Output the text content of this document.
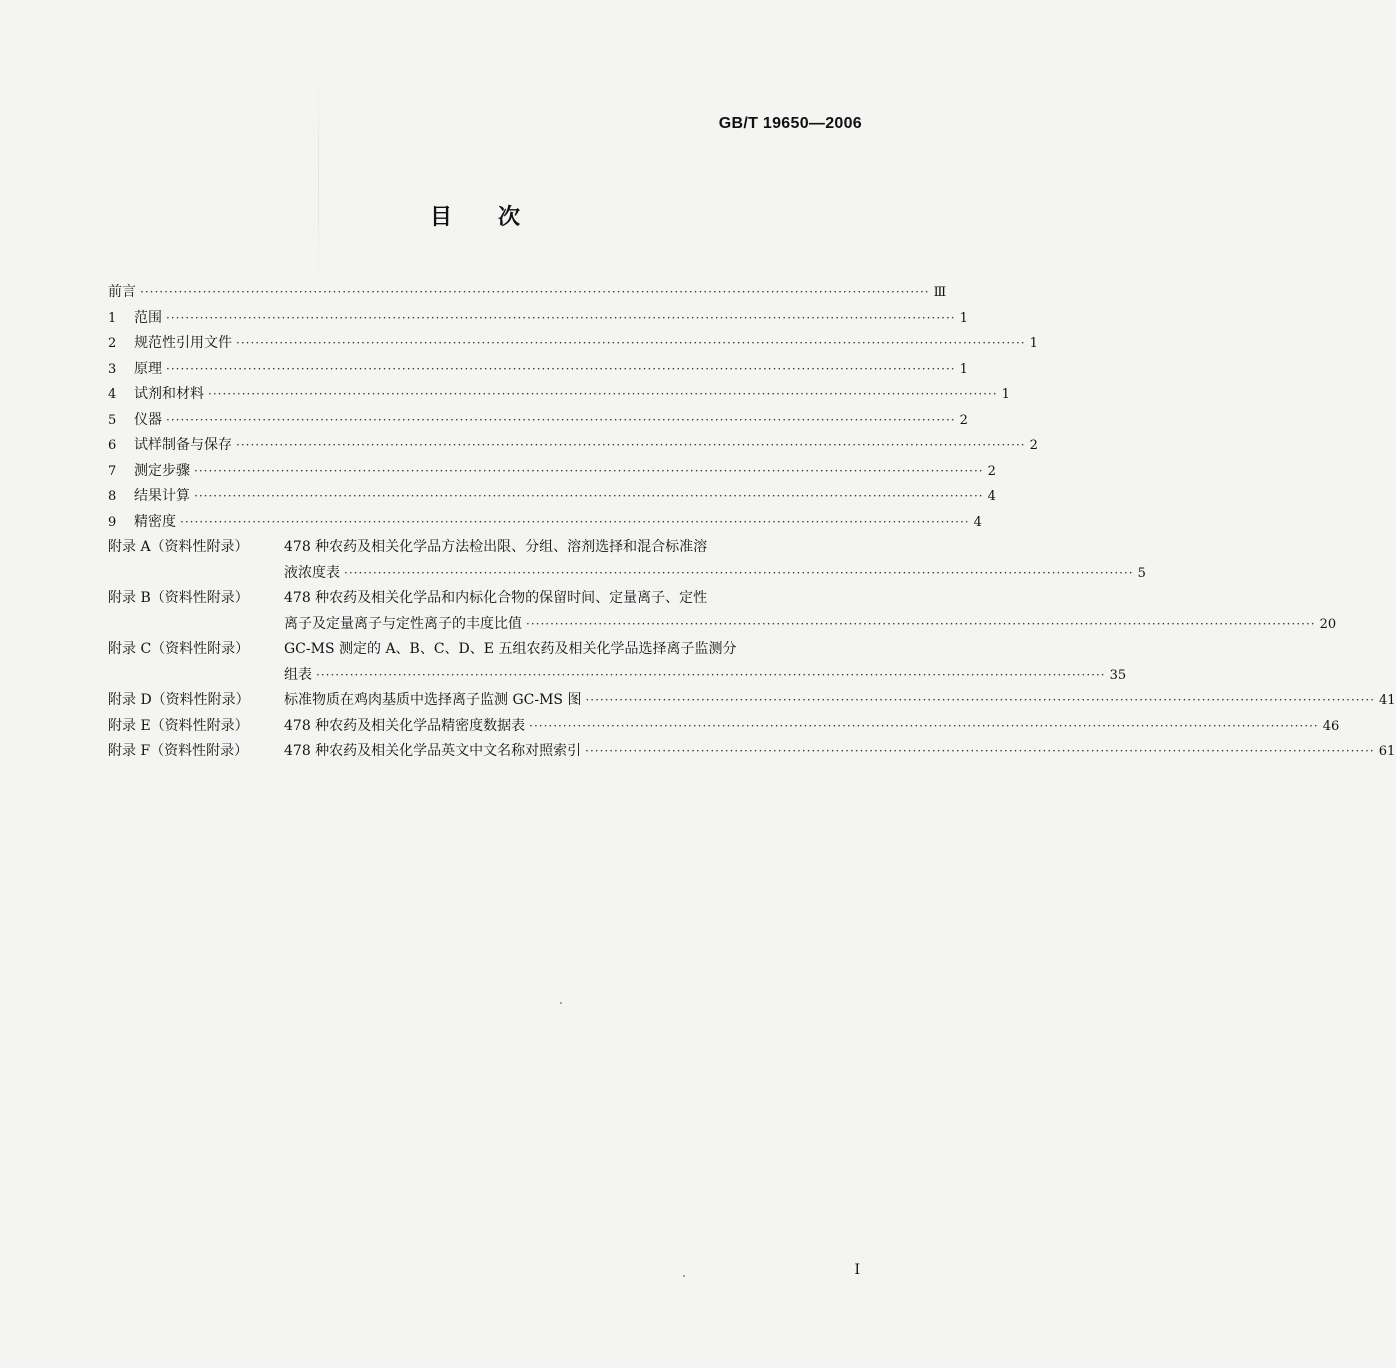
GB/T 19650—2006
目次
前言 ·····	Ⅲ
1	范围 ·····	1
2	规范性引用文件 ·····	1
3	原理 ·····	1
4	试剂和材料 ·····	1
5	仪器 ·····	2
6	试样制备与保存 ·····	2
7	测定步骤 ·····	2
8	结果计算 ·····	4
9	精密度 ·····	4
附录 A（资料性附录）	478 种农药及相关化学品方法检出限、分组、溶剂选择和混合标准溶
液浓度表 ·····	5
附录 B（资料性附录）	478 种农药及相关化学品和内标化合物的保留时间、定量离子、定性
离子及定量离子与定性离子的丰度比值 ·····	20
附录 C（资料性附录）	GC-MS 测定的 A、B、C、D、E 五组农药及相关化学品选择离子监测分
组表 ·····	35
附录 D（资料性附录）	标准物质在鸡肉基质中选择离子监测 GC-MS 图 ·····	41
附录 E（资料性附录）	478 种农药及相关化学品精密度数据表 ·····	46
附录 F（资料性附录）	478 种农药及相关化学品英文中文名称对照索引 ·····	61
I
